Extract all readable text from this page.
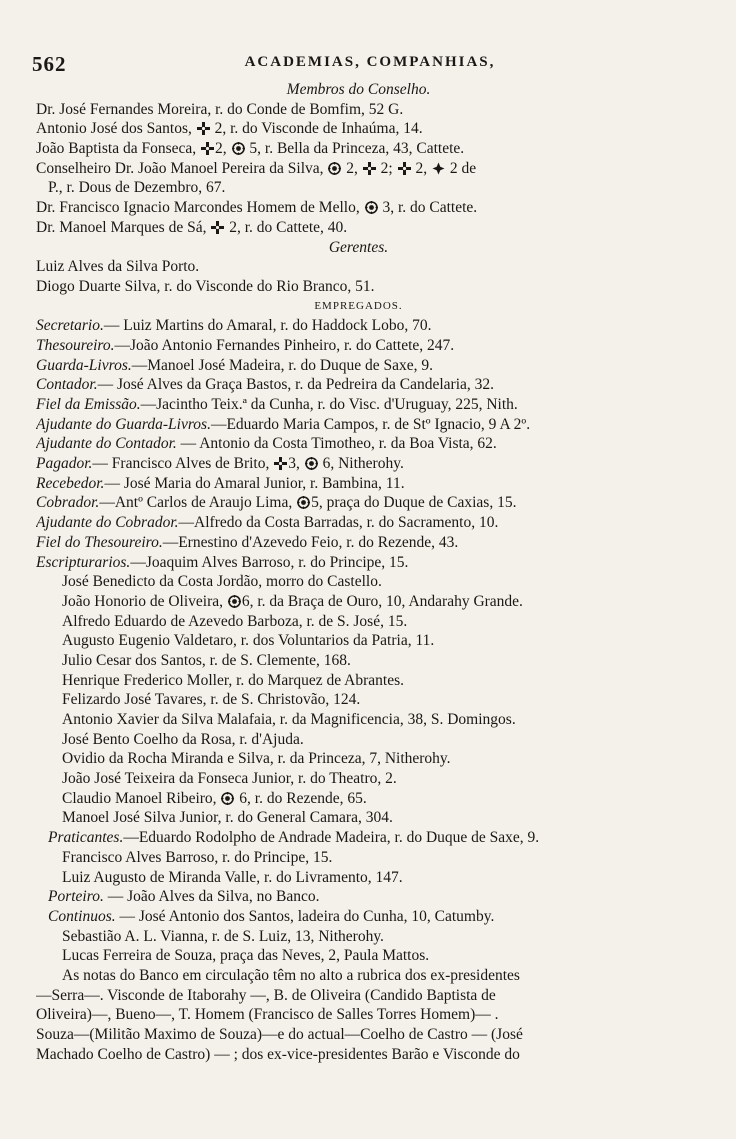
562	ACADEMIAS, COMPANHIAS,
Membros do Conselho.
Dr. José Fernandes Moreira, r. do Conde de Bomfim, 52 G.
Antonio José dos Santos, 2, r. do Visconde de Inhaúma, 14.
João Baptista da Fonseca, 2, 5, r. Bella da Princeza, 43, Cattete.
Conselheiro Dr. João Manoel Pereira da Silva, 2, 2; 2, 2 de
P., r. Dous de Dezembro, 67.
Dr. Francisco Ignacio Marcondes Homem de Mello, 3, r. do Cattete.
Dr. Manoel Marques de Sá, 2, r. do Cattete, 40.
Gerentes.
Luiz Alves da Silva Porto.
Diogo Duarte Silva, r. do Visconde do Rio Branco, 51.
EMPREGADOS.
Secretario.— Luiz Martins do Amaral, r. do Haddock Lobo, 70.
Thesoureiro.—João Antonio Fernandes Pinheiro, r. do Cattete, 247.
Guarda-Livros.—Manoel José Madeira, r. do Duque de Saxe, 9.
Contador.— José Alves da Graça Bastos, r. da Pedreira da Candelaria, 32.
Fiel da Emissão.—Jacintho Teix.ª da Cunha, r. do Visc. d'Uruguay, 225, Nith.
Ajudante do Guarda-Livros.—Eduardo Maria Campos, r. de Stº Ignacio, 9 A 2º.
Ajudante do Contador. — Antonio da Costa Timotheo, r. da Boa Vista, 62.
Pagador.— Francisco Alves de Brito, 3, 6, Nitherohy.
Recebedor.— José Maria do Amaral Junior, r. Bambina, 11.
Cobrador.—Antº Carlos de Araujo Lima, 5, praça do Duque de Caxias, 15.
Ajudante do Cobrador.—Alfredo da Costa Barradas, r. do Sacramento, 10.
Fiel do Thesoureiro.—Ernestino d'Azevedo Feio, r. do Rezende, 43.
Escripturarios.—Joaquim Alves Barroso, r. do Principe, 15.
José Benedicto da Costa Jordão, morro do Castello.
João Honorio de Oliveira, 6, r. da Braça de Ouro, 10, Andarahy Grande.
Alfredo Eduardo de Azevedo Barboza, r. de S. José, 15.
Augusto Eugenio Valdetaro, r. dos Voluntarios da Patria, 11.
Julio Cesar dos Santos, r. de S. Clemente, 168.
Henrique Frederico Moller, r. do Marquez de Abrantes.
Felizardo José Tavares, r. de S. Christovão, 124.
Antonio Xavier da Silva Malafaia, r. da Magnificencia, 38, S. Domingos.
José Bento Coelho da Rosa, r. d'Ajuda.
Ovidio da Rocha Miranda e Silva, r. da Princeza, 7, Nitherohy.
João José Teixeira da Fonseca Junior, r. do Theatro, 2.
Claudio Manoel Ribeiro, 6, r. do Rezende, 65.
Manoel José Silva Junior, r. do General Camara, 304.
Praticantes.—Eduardo Rodolpho de Andrade Madeira, r. do Duque de Saxe, 9.
Francisco Alves Barroso, r. do Principe, 15.
Luiz Augusto de Miranda Valle, r. do Livramento, 147.
Porteiro. — João Alves da Silva, no Banco.
Continuos. — José Antonio dos Santos, ladeira do Cunha, 10, Catumby.
Sebastião A. L. Vianna, r. de S. Luiz, 13, Nitherohy.
Lucas Ferreira de Souza, praça das Neves, 2, Paula Mattos.
As notas do Banco em circulação têm no alto a rubrica dos ex-presidentes
—Serra—. Visconde de Itaborahy —, B. de Oliveira (Candido Baptista de
Oliveira)—, Bueno—, T. Homem (Francisco de Salles Torres Homem)— .
Souza—(Militão Maximo de Souza)—e do actual—Coelho de Castro — (José
Machado Coelho de Castro) — ; dos ex-vice-presidentes Barão e Visconde do
